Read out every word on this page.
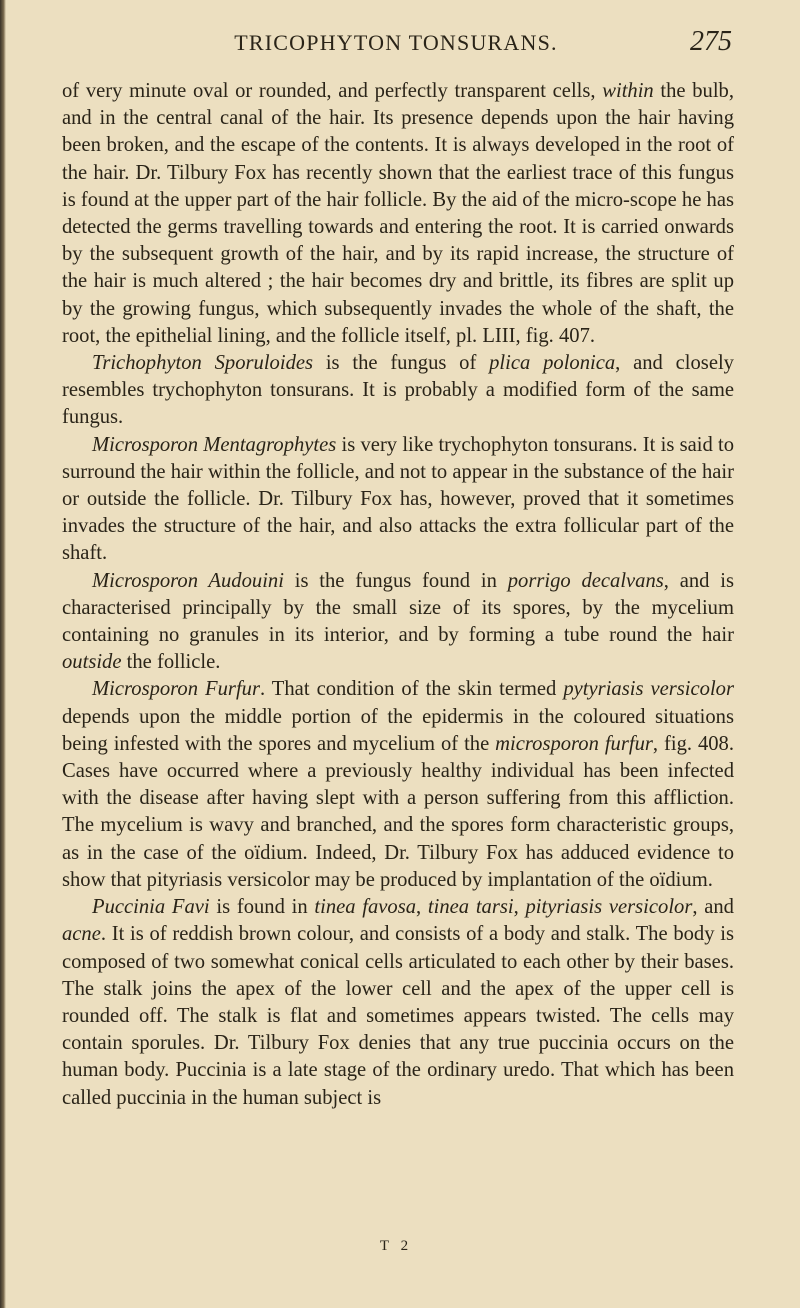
TRICOPHYTON TONSURANS.	275

of very minute oval or rounded, and perfectly transparent cells, within the bulb, and in the central canal of the hair. Its presence depends upon the hair having been broken, and the escape of the contents. It is always developed in the root of the hair. Dr. Tilbury Fox has recently shown that the earliest trace of this fungus is found at the upper part of the hair follicle. By the aid of the micro-scope he has detected the germs travelling towards and entering the root. It is carried onwards by the subsequent growth of the hair, and by its rapid increase, the structure of the hair is much altered ; the hair becomes dry and brittle, its fibres are split up by the growing fungus, which subsequently invades the whole of the shaft, the root, the epithelial lining, and the follicle itself, pl. LIII, fig. 407.

Trichophyton Sporuloides is the fungus of plica polonica, and closely resembles trychophyton tonsurans. It is probably a modified form of the same fungus.

Microsporon Mentagrophytes is very like trychophyton tonsurans. It is said to surround the hair within the follicle, and not to appear in the substance of the hair or outside the follicle. Dr. Tilbury Fox has, however, proved that it sometimes invades the structure of the hair, and also attacks the extra follicular part of the shaft.

Microsporon Audouini is the fungus found in porrigo decalvans, and is characterised principally by the small size of its spores, by the mycelium containing no granules in its interior, and by forming a tube round the hair outside the follicle.

Microsporon Furfur. That condition of the skin termed pytyriasis versicolor depends upon the middle portion of the epidermis in the coloured situations being infested with the spores and mycelium of the microsporon furfur, fig. 408. Cases have occurred where a previously healthy individual has been infected with the disease after having slept with a person suffering from this affliction. The mycelium is wavy and branched, and the spores form characteristic groups, as in the case of the oïdium. Indeed, Dr. Tilbury Fox has adduced evidence to show that pityriasis versicolor may be produced by implantation of the oïdium.

Puccinia Favi is found in tinea favosa, tinea tarsi, pityriasis versicolor, and acne. It is of reddish brown colour, and consists of a body and stalk. The body is composed of two somewhat conical cells articulated to each other by their bases. The stalk joins the apex of the lower cell and the apex of the upper cell is rounded off. The stalk is flat and sometimes appears twisted. The cells may contain sporules. Dr. Tilbury Fox denies that any true puccinia occurs on the human body. Puccinia is a late stage of the ordinary uredo. That which has been called puccinia in the human subject is

T 2
